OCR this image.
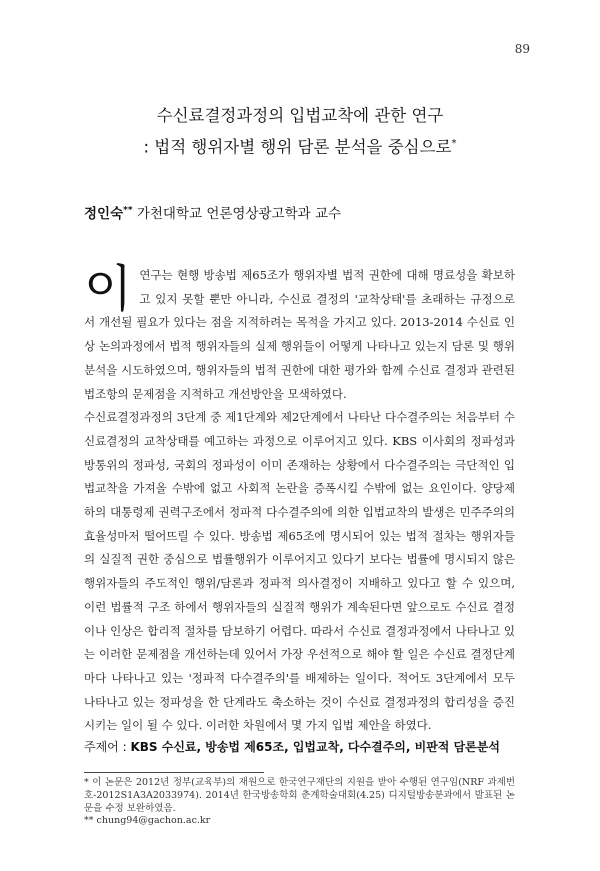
89
수신료결정과정의 입법교착에 관한 연구
: 법적 행위자별 행위 담론 분석을 중심으로*
정인숙** 가천대학교 언론영상광고학과 교수

이연구는 현행 방송법 제65조가 행위자별 법적 권한에 대해 명료성을 확보하고 있지 못할 뿐만 아니라, 수신료 결정의 '교착상태'를 초래하는 규정으로서 개선될 필요가 있다는 점을 지적하려는 목적을 가지고 있다. 2013-2014 수신료 인상 논의과정에서 법적 행위자들의 실제 행위들이 어떻게 나타나고 있는지 담론 및 행위분석을 시도하였으며, 행위자들의 법적 권한에 대한 평가와 함께 수신료 결정과 관련된 법조항의 문제점을 지적하고 개선방안을 모색하였다.

수신료결정과정의 3단계 중 제1단계와 제2단계에서 나타난 다수결주의는 처음부터 수신료결정의 교착상태를 예고하는 과정으로 이루어지고 있다. KBS 이사회의 정파성과 방통위의 정파성, 국회의 정파성이 이미 존재하는 상황에서 다수결주의는 극단적인 입법교착을 가져올 수밖에 없고 사회적 논란을 증폭시킬 수밖에 없는 요인이다. 양당제 하의 대통령제 권력구조에서 정파적 다수결주의에 의한 입법교착의 발생은 민주주의의 효율성마저 떨어뜨릴 수 있다. 방송법 제65조에 명시되어 있는 법적 절차는 행위자들의 실질적 권한 중심으로 법률행위가 이루어지고 있다기 보다는 법률에 명시되지 않은 행위자들의 주도적인 행위/담론과 정파적 의사결정이 지배하고 있다고 할 수 있으며, 이런 법률적 구조 하에서 행위자들의 실질적 행위가 계속된다면 앞으로도 수신료 결정이나 인상은 합리적 절차를 담보하기 어렵다. 따라서 수신료 결정과정에서 나타나고 있는 이러한 문제점을 개선하는데 있어서 가장 우선적으로 해야 할 일은 수신료 결정단계마다 나타나고 있는 '정파적 다수결주의'를 배제하는 일이다. 적어도 3단계에서 모두 나타나고 있는 정파성을 한 단계라도 축소하는 것이 수신료 결정과정의 합리성을 증진시키는 일이 될 수 있다. 이러한 차원에서 몇 가지 입법 제안을 하였다.

주제어 : KBS 수신료, 방송법 제65조, 입법교착, 다수결주의, 비판적 담론분석

* 이 논문은 2012년 정부(교육부)의 재원으로 한국연구재단의 지원을 받아 수행된 연구임(NRF 과제번호-2012S1A3A2033974). 2014년 한국방송학회 춘계학술대회(4.25) 디지털방송분과에서 발표된 논문을 수정 보완하였음.

** chung94@gachon.ac.kr
